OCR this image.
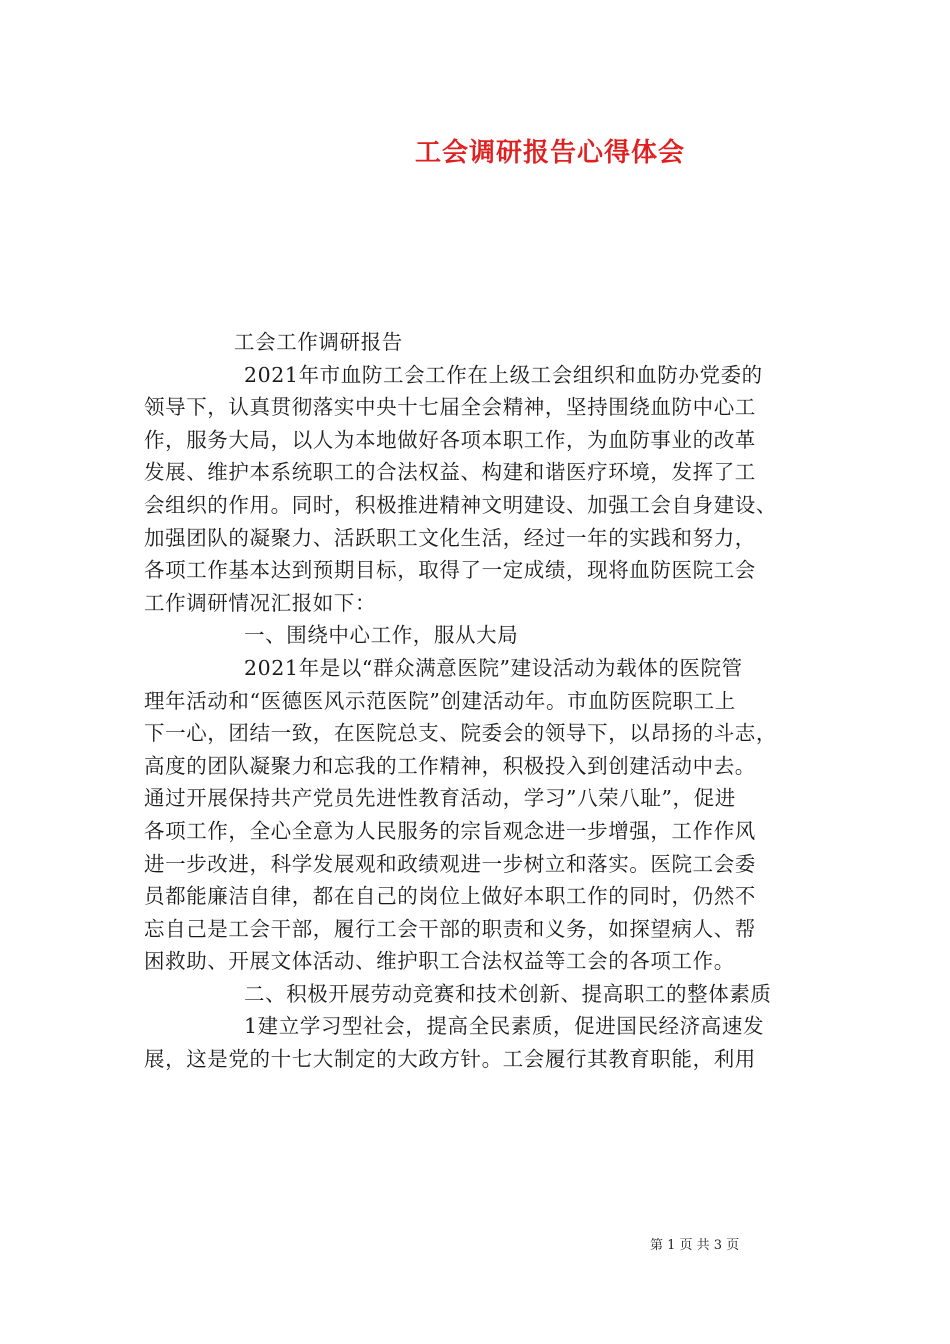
工会调研报告心得体会
工会工作调研报告
2021年市血防工会工作在上级工会组织和血防办党委的
领导下，认真贯彻落实中央十七届全会精神，坚持围绕血防中心工
作，服务大局，以人为本地做好各项本职工作，为血防事业的改革
发展、维护本系统职工的合法权益、构建和谐医疗环境，发挥了工
会组织的作用。同时，积极推进精神文明建设、加强工会自身建设、
加强团队的凝聚力、活跃职工文化生活，经过一年的实践和努力，
各项工作基本达到预期目标，取得了一定成绩，现将血防医院工会
工作调研情况汇报如下：
一、围绕中心工作，服从大局
2021年是以“群众满意医院”建设活动为载体的医院管
理年活动和“医德医风示范医院”创建活动年。市血防医院职工上
下一心，团结一致，在医院总支、院委会的领导下，以昂扬的斗志，
高度的团队凝聚力和忘我的工作精神，积极投入到创建活动中去。
通过开展保持共产党员先进性教育活动，学习”八荣八耻”，促进
各项工作，全心全意为人民服务的宗旨观念进一步增强，工作作风
进一步改进，科学发展观和政绩观进一步树立和落实。医院工会委
员都能廉洁自律，都在自己的岗位上做好本职工作的同时，仍然不
忘自己是工会干部，履行工会干部的职责和义务，如探望病人、帮
困救助、开展文体活动、维护职工合法权益等工会的各项工作。
二、积极开展劳动竞赛和技术创新、提高职工的整体素质
1建立学习型社会，提高全民素质，促进国民经济高速发
展，这是党的十七大制定的大政方针。工会履行其教育职能，利用
第 1 页 共 3 页
